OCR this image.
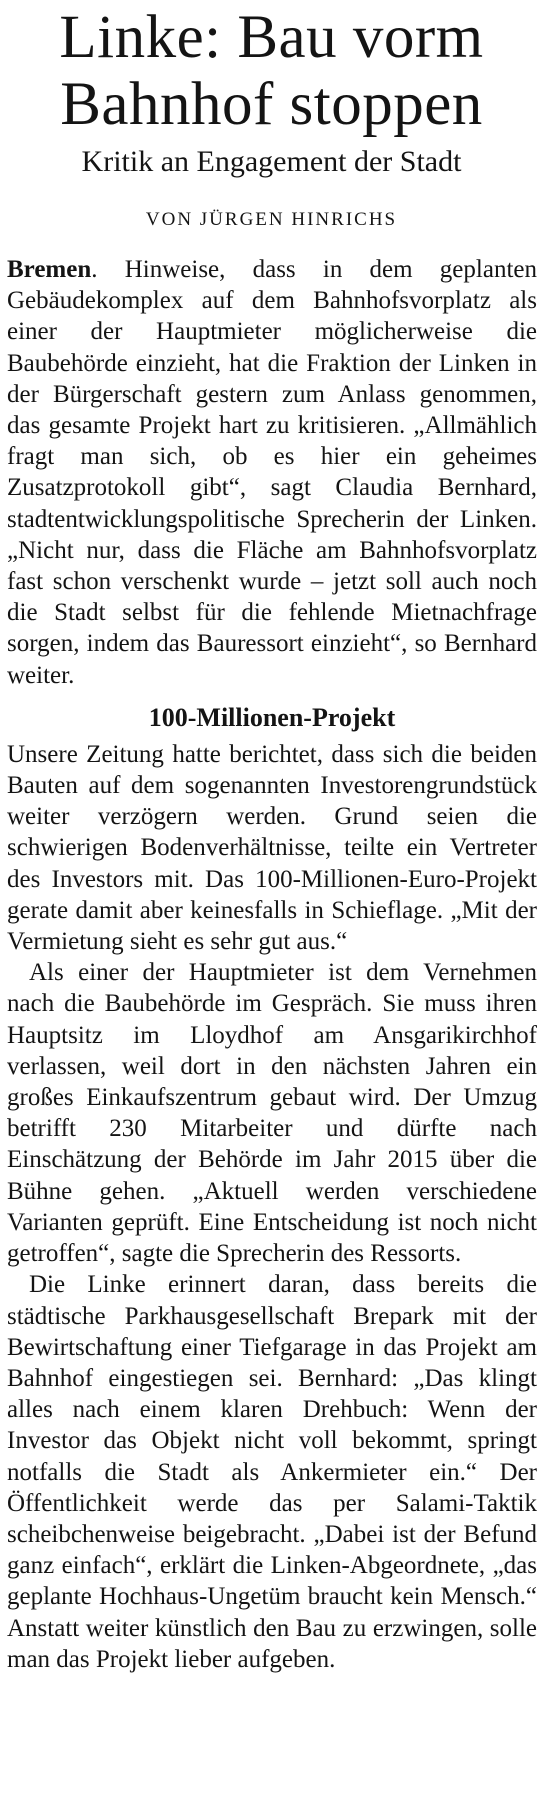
Linke: Bau vorm
Bahnhof stoppen
Kritik an Engagement der Stadt
VON JÜRGEN HINRICHS

Bremen. Hinweise, dass in dem geplanten Gebäudekomplex auf dem Bahnhofsvorplatz als einer der Hauptmieter möglicherweise die Baubehörde einzieht, hat die Fraktion der Linken in der Bürgerschaft gestern zum Anlass genommen, das gesamte Projekt hart zu kritisieren. „Allmählich fragt man sich, ob es hier ein geheimes Zusatzprotokoll gibt“, sagt Claudia Bernhard, stadtentwicklungspolitische Sprecherin der Linken. „Nicht nur, dass die Fläche am Bahnhofsvorplatz fast schon verschenkt wurde – jetzt soll auch noch die Stadt selbst für die fehlende Mietnachfrage sorgen, indem das Bauressort einzieht“, so Bernhard weiter.

100-Millionen-Projekt

Unsere Zeitung hatte berichtet, dass sich die beiden Bauten auf dem sogenannten Investorengrundstück weiter verzögern werden. Grund seien die schwierigen Bodenverhältnisse, teilte ein Vertreter des Investors mit. Das 100-Millionen-Euro-Projekt gerate damit aber keinesfalls in Schieflage. „Mit der Vermietung sieht es sehr gut aus.“

Als einer der Hauptmieter ist dem Vernehmen nach die Baubehörde im Gespräch. Sie muss ihren Hauptsitz im Lloydhof am Ansgarikirchhof verlassen, weil dort in den nächsten Jahren ein großes Einkaufszentrum gebaut wird. Der Umzug betrifft 230 Mitarbeiter und dürfte nach Einschätzung der Behörde im Jahr 2015 über die Bühne gehen. „Aktuell werden verschiedene Varianten geprüft. Eine Entscheidung ist noch nicht getroffen“, sagte die Sprecherin des Ressorts.

Die Linke erinnert daran, dass bereits die städtische Parkhausgesellschaft Brepark mit der Bewirtschaftung einer Tiefgarage in das Projekt am Bahnhof eingestiegen sei. Bernhard: „Das klingt alles nach einem klaren Drehbuch: Wenn der Investor das Objekt nicht voll bekommt, springt notfalls die Stadt als Ankermieter ein.“ Der Öffentlichkeit werde das per Salami-Taktik scheibchenweise beigebracht. „Dabei ist der Befund ganz einfach“, erklärt die Linken-Abgeordnete, „das geplante Hochhaus-Ungetüm braucht kein Mensch.“ Anstatt weiter künstlich den Bau zu erzwingen, solle man das Projekt lieber aufgeben.
